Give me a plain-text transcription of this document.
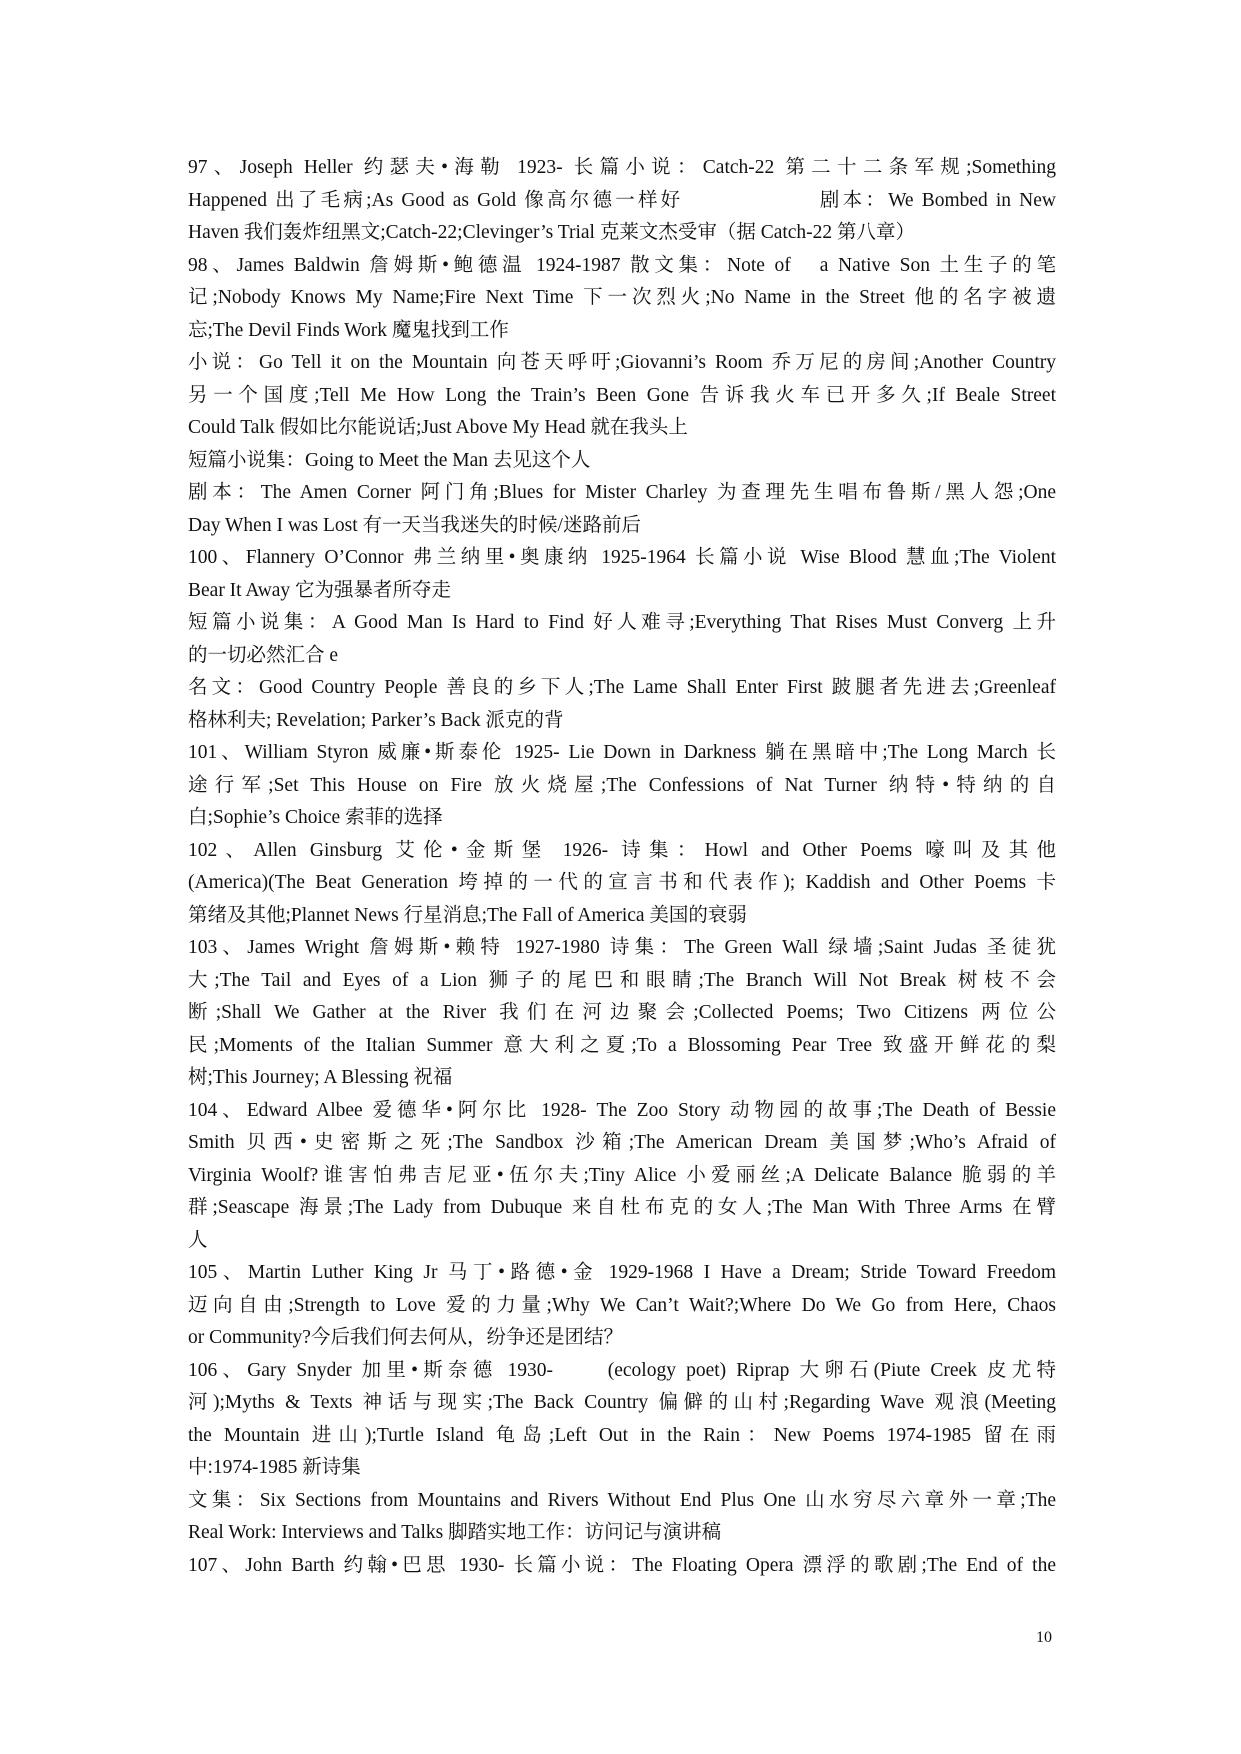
97、Joseph Heller 约瑟夫•海勒 1923- 长篇小说：Catch-22 第二十二条军规;Something
Happened 出了毛病;As Good as Gold 像高尔德一样好　　　　　　剧本：We Bombed in New
Haven 我们轰炸纽黑文;Catch-22;Clevinger’s Trial 克莱文杰受审（据 Catch-22 第八章）
98、James Baldwin 詹姆斯•鲍德温 1924-1987 散文集：Note of　a Native Son 土生子的笔
记;Nobody Knows My Name;Fire Next Time 下一次烈火;No Name in the Street 他的名字被遗
忘;The Devil Finds Work 魔鬼找到工作
小说：Go Tell it on the Mountain 向苍天呼吁;Giovanni’s Room 乔万尼的房间;Another Country
另一个国度;Tell Me How Long the Train’s Been Gone 告诉我火车已开多久;If Beale Street
Could Talk 假如比尔能说话;Just Above My Head 就在我头上
短篇小说集：Going to Meet the Man 去见这个人
剧本：The Amen Corner 阿门角;Blues for Mister Charley 为查理先生唱布鲁斯/黑人怨;One
Day When I was Lost 有一天当我迷失的时候/迷路前后
100、Flannery O’Connor 弗兰纳里•奥康纳 1925-1964 长篇小说 Wise Blood 慧血;The Violent
Bear It Away 它为强暴者所夺走
短篇小说集：A Good Man Is Hard to Find 好人难寻;Everything That Rises Must Converg 上升
的一切必然汇合 e
名文：Good Country People 善良的乡下人;The Lame Shall Enter First 跛腿者先进去;Greenleaf
格林利夫; Revelation; Parker’s Back 派克的背
101、William Styron 威廉•斯泰伦 1925- Lie Down in Darkness 躺在黑暗中;The Long March 长
途行军;Set This House on Fire 放火烧屋;The Confessions of Nat Turner 纳特•特纳的自
白;Sophie’s Choice 索菲的选择
102、Allen Ginsburg 艾伦•金斯堡 1926- 诗集：Howl and Other Poems 嚎叫及其他
(America)(The Beat Generation 垮掉的一代的宣言书和代表作); Kaddish and Other Poems 卡
第绪及其他;Plannet News 行星消息;The Fall of America 美国的衰弱
103、James Wright 詹姆斯•赖特 1927-1980 诗集：The Green Wall 绿墙;Saint Judas 圣徒犹
大;The Tail and Eyes of a Lion 狮子的尾巴和眼睛;The Branch Will Not Break 树枝不会
断;Shall We Gather at the River 我们在河边聚会;Collected Poems; Two Citizens 两位公
民;Moments of the Italian Summer 意大利之夏;To a Blossoming Pear Tree 致盛开鲜花的梨
树;This Journey; A Blessing 祝福
104、Edward Albee 爱德华•阿尔比 1928- The Zoo Story 动物园的故事;The Death of Bessie
Smith 贝西•史密斯之死;The Sandbox 沙箱;The American Dream 美国梦;Who’s Afraid of
Virginia Woolf?谁害怕弗吉尼亚•伍尔夫;Tiny Alice 小爱丽丝;A Delicate Balance 脆弱的羊
群;Seascape 海景;The Lady from Dubuque 来自杜布克的女人;The Man With Three Arms 在臂
人
105、Martin Luther King Jr 马丁•路德•金 1929-1968 I Have a Dream; Stride Toward Freedom
迈向自由;Strength to Love 爱的力量;Why We Can’t Wait?;Where Do We Go from Here, Chaos
or Community?今后我们何去何从，纷争还是团结？
106、Gary Snyder 加里•斯奈德 1930-　　(ecology poet) Riprap 大卵石(Piute Creek 皮尤特
河);Myths & Texts 神话与现实;The Back Country 偏僻的山村;Regarding Wave 观浪(Meeting
the Mountain 进山);Turtle Island 龟岛;Left Out in the Rain：New Poems 1974-1985 留在雨
中:1974-1985 新诗集
文集：Six Sections from Mountains and Rivers Without End Plus One 山水穷尽六章外一章;The
Real Work: Interviews and Talks 脚踏实地工作：访问记与演讲稿
107、John Barth 约翰•巴思 1930- 长篇小说：The Floating Opera 漂浮的歌剧;The End of the
10
